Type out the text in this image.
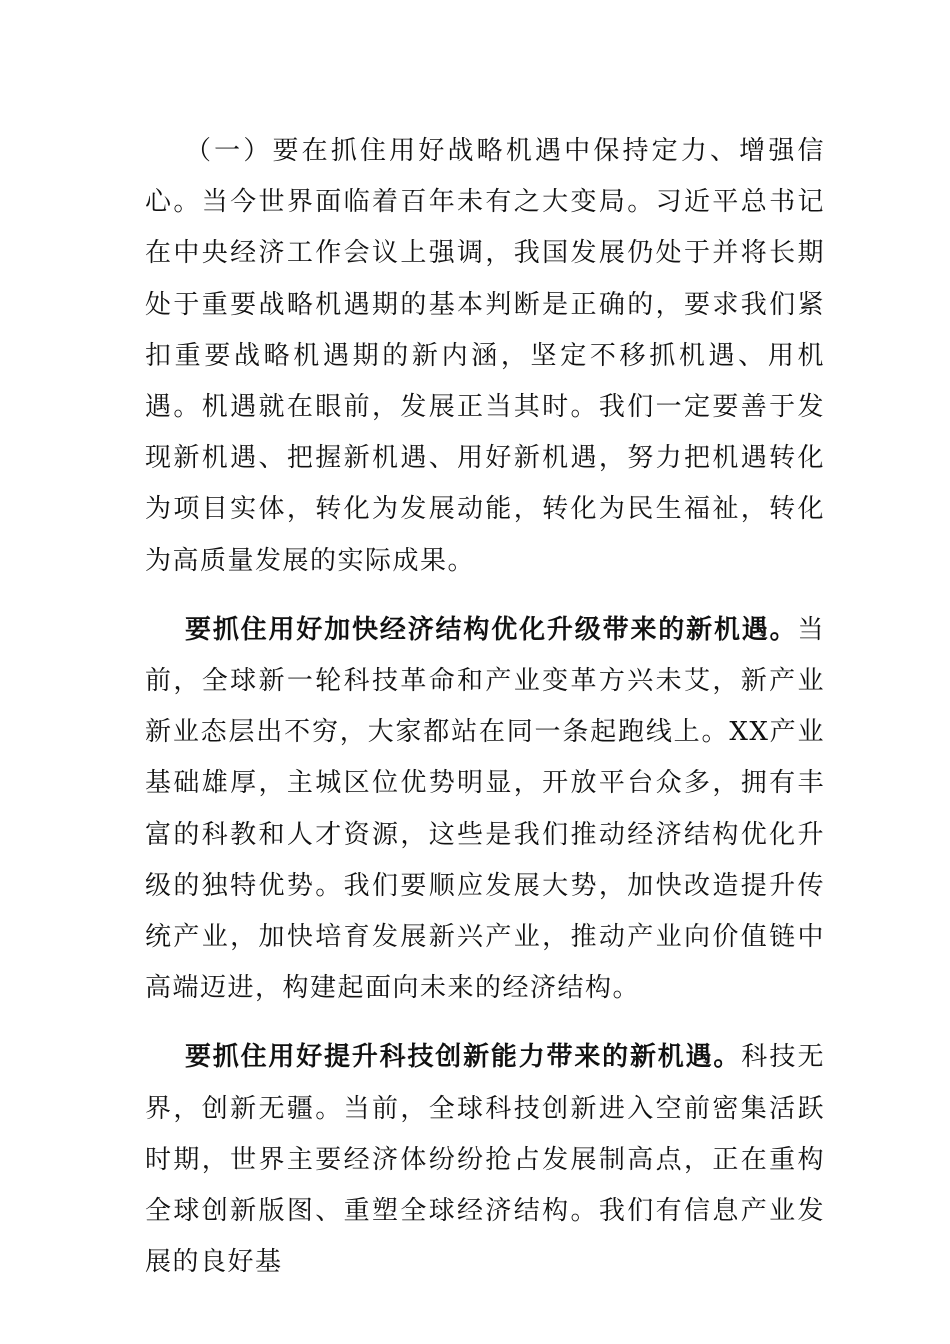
（一）要在抓住用好战略机遇中保持定力、增强信心。当今世界面临着百年未有之大变局。习近平总书记在中央经济工作会议上强调，我国发展仍处于并将长期处于重要战略机遇期的基本判断是正确的，要求我们紧扣重要战略机遇期的新内涵，坚定不移抓机遇、用机遇。机遇就在眼前，发展正当其时。我们一定要善于发现新机遇、把握新机遇、用好新机遇，努力把机遇转化为项目实体，转化为发展动能，转化为民生福祉，转化为高质量发展的实际成果。

要抓住用好加快经济结构优化升级带来的新机遇。当前，全球新一轮科技革命和产业变革方兴未艾，新产业新业态层出不穷，大家都站在同一条起跑线上。XX产业基础雄厚，主城区位优势明显，开放平台众多，拥有丰富的科教和人才资源，这些是我们推动经济结构优化升级的独特优势。我们要顺应发展大势，加快改造提升传统产业，加快培育发展新兴产业，推动产业向价值链中高端迈进，构建起面向未来的经济结构。

要抓住用好提升科技创新能力带来的新机遇。科技无界，创新无疆。当前，全球科技创新进入空前密集活跃时期，世界主要经济体纷纷抢占发展制高点，正在重构全球创新版图、重塑全球经济结构。我们有信息产业发展的良好基
